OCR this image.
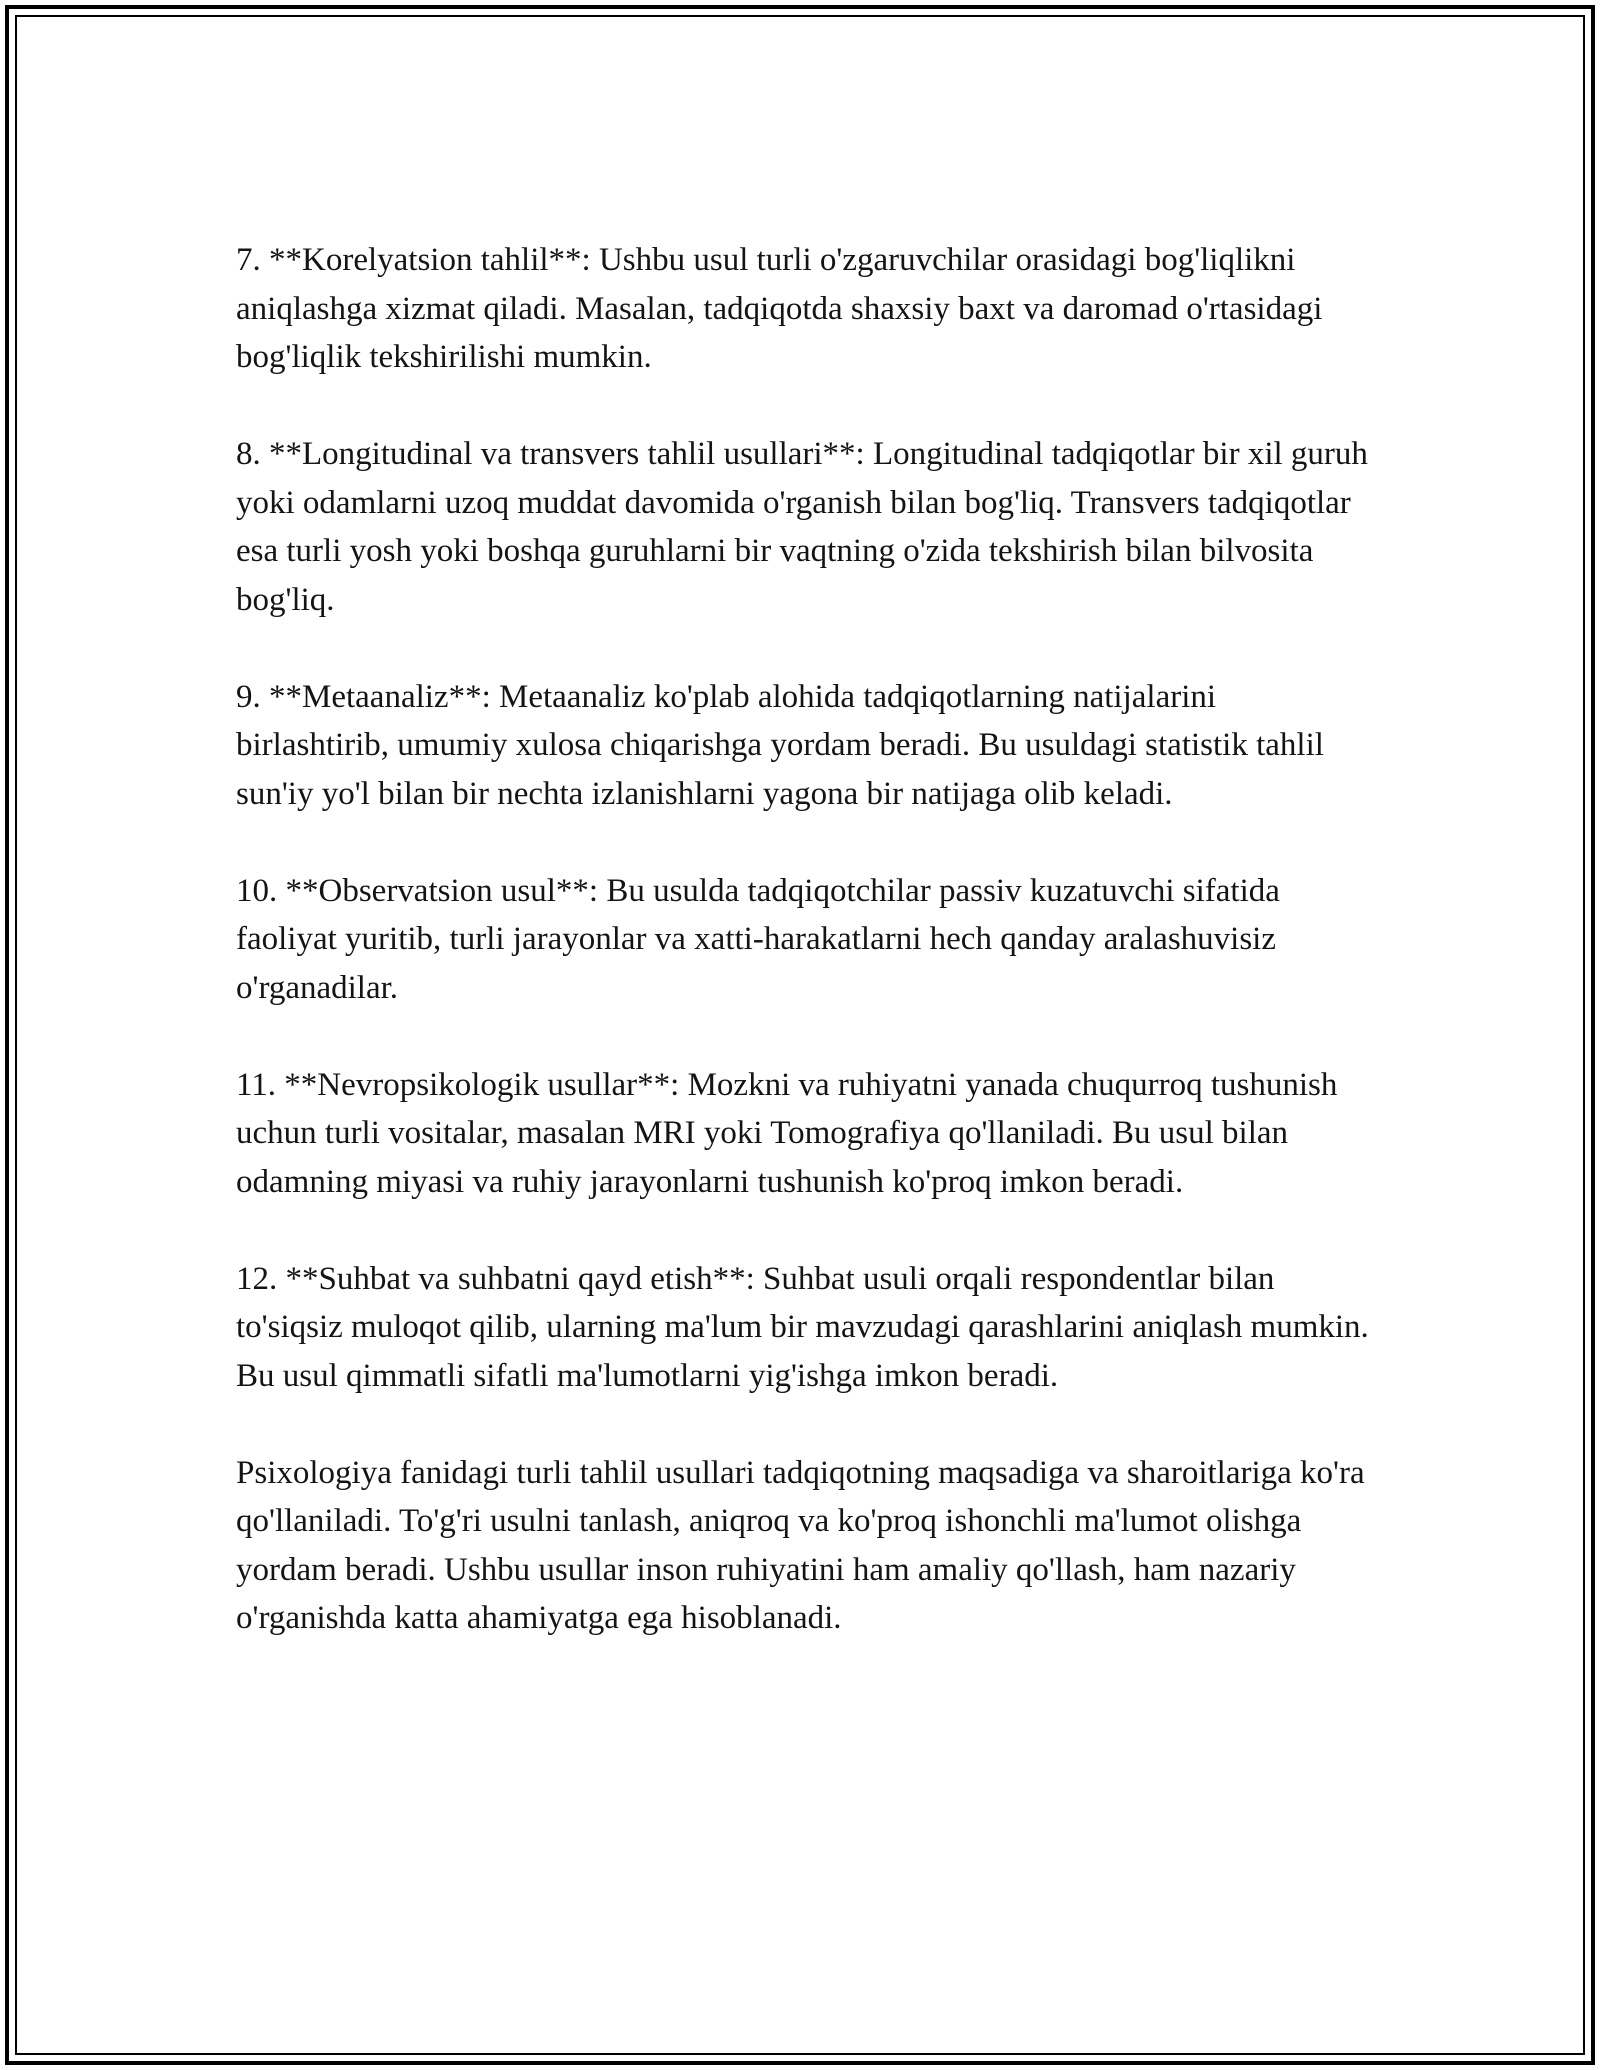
7. **Korelyatsion tahlil**: Ushbu usul turli o'zgaruvchilar orasidagi bog'liqlikni aniqlashga xizmat qiladi. Masalan, tadqiqotda shaxsiy baxt va daromad o'rtasidagi bog'liqlik tekshirilishi mumkin.

8. **Longitudinal va transvers tahlil usullari**: Longitudinal tadqiqotlar bir xil guruh yoki odamlarni uzoq muddat davomida o'rganish bilan bog'liq. Transvers tadqiqotlar esa turli yosh yoki boshqa guruhlarni bir vaqtning o'zida tekshirish bilan bilvosita bog'liq.

9. **Metaanaliz**: Metaanaliz ko'plab alohida tadqiqotlarning natijalarini birlashtirib, umumiy xulosa chiqarishga yordam beradi. Bu usuldagi statistik tahlil sun'iy yo'l bilan bir nechta izlanishlarni yagona bir natijaga olib keladi.

10. **Observatsion usul**: Bu usulda tadqiqotchilar passiv kuzatuvchi sifatida faoliyat yuritib, turli jarayonlar va xatti-harakatlarni hech qanday aralashuvisiz o'rganadilar.

11. **Nevropsikologik usullar**: Mozkni va ruhiyatni yanada chuqurroq tushunish uchun turli vositalar, masalan MRI yoki Tomografiya qo'llaniladi. Bu usul bilan odamning miyasi va ruhiy jarayonlarni tushunish ko'proq imkon beradi.

12. **Suhbat va suhbatni qayd etish**: Suhbat usuli orqali respondentlar bilan to'siqsiz muloqot qilib, ularning ma'lum bir mavzudagi qarashlarini aniqlash mumkin. Bu usul qimmatli sifatli ma'lumotlarni yig'ishga imkon beradi.

Psixologiya fanidagi turli tahlil usullari tadqiqotning maqsadiga va sharoitlariga ko'ra qo'llaniladi. To'g'ri usulni tanlash, aniqroq va ko'proq ishonchli ma'lumot olishga yordam beradi. Ushbu usullar inson ruhiyatini ham amaliy qo'llash, ham nazariy o'rganishda katta ahamiyatga ega hisoblanadi.
